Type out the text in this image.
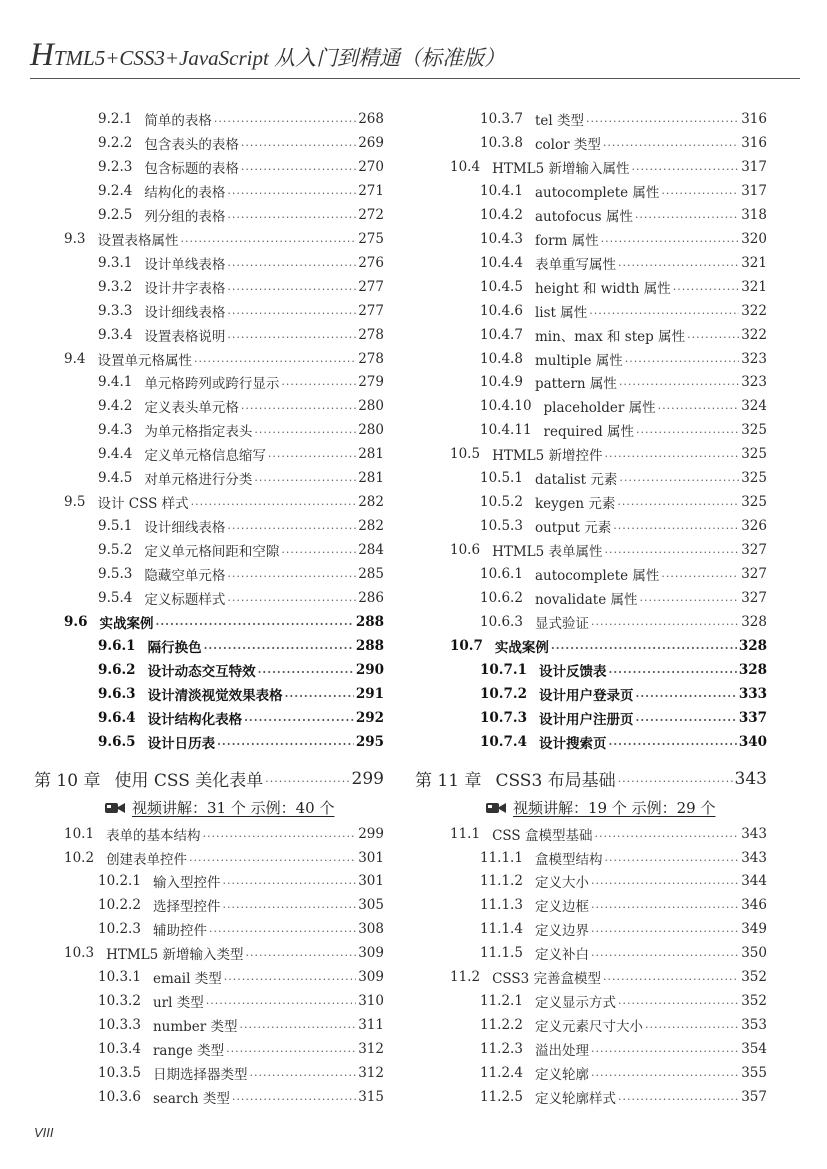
HTML5+CSS3+JavaScript 从入门到精通（标准版）
9.2.1 简单的表格 .....	268
9.2.2 包含表头的表格 .....	269
9.2.3 包含标题的表格 .....	270
9.2.4 结构化的表格 .....	271
9.2.5 列分组的表格 .....	272
9.3 设置表格属性 .....	275
9.3.1 设计单线表格 .....	276
9.3.2 设计井字表格 .....	277
9.3.3 设计细线表格 .....	277
9.3.4 设置表格说明 .....	278
9.4 设置单元格属性 .....	278
9.4.1 单元格跨列或跨行显示 .....	279
9.4.2 定义表头单元格 .....	280
9.4.3 为单元格指定表头 .....	280
9.4.4 定义单元格信息缩写 .....	281
9.4.5 对单元格进行分类 .....	281
9.5 设计 CSS 样式 .....	282
9.5.1 设计细线表格 .....	282
9.5.2 定义单元格间距和空隙 .....	284
9.5.3 隐藏空单元格 .....	285
9.5.4 定义标题样式 .....	286
9.6 实战案例 .....	288
9.6.1 隔行换色 .....	288
9.6.2 设计动态交互特效 .....	290
9.6.3 设计清淡视觉效果表格 .....	291
9.6.4 设计结构化表格 .....	292
9.6.5 设计日历表 .....	295
第 10 章 使用 CSS 美化表单 .....	299
视频讲解：31 个 示例：40 个
10.1 表单的基本结构 .....	299
10.2 创建表单控件 .....	301
10.2.1 输入型控件 .....	301
10.2.2 选择型控件 .....	305
10.2.3 辅助控件 .....	308
10.3 HTML5 新增输入类型 .....	309
10.3.1 email 类型 .....	309
10.3.2 url 类型 .....	310
10.3.3 number 类型 .....	311
10.3.4 range 类型 .....	312
10.3.5 日期选择器类型 .....	312
10.3.6 search 类型 .....	315
10.3.7 tel 类型 .....	316
10.3.8 color 类型 .....	316
10.4 HTML5 新增输入属性 .....	317
10.4.1 autocomplete 属性 .....	317
10.4.2 autofocus 属性 .....	318
10.4.3 form 属性 .....	320
10.4.4 表单重写属性 .....	321
10.4.5 height 和 width 属性 .....	321
10.4.6 list 属性 .....	322
10.4.7 min、max 和 step 属性 .....	322
10.4.8 multiple 属性 .....	323
10.4.9 pattern 属性 .....	323
10.4.10 placeholder 属性 .....	324
10.4.11 required 属性 .....	325
10.5 HTML5 新增控件 .....	325
10.5.1 datalist 元素 .....	325
10.5.2 keygen 元素 .....	325
10.5.3 output 元素 .....	326
10.6 HTML5 表单属性 .....	327
10.6.1 autocomplete 属性 .....	327
10.6.2 novalidate 属性 .....	327
10.6.3 显式验证 .....	328
10.7 实战案例 .....	328
10.7.1 设计反馈表 .....	328
10.7.2 设计用户登录页 .....	333
10.7.3 设计用户注册页 .....	337
10.7.4 设计搜索页 .....	340
第 11 章 CSS3 布局基础 .....	343
视频讲解：19 个 示例：29 个
11.1 CSS 盒模型基础 .....	343
11.1.1 盒模型结构 .....	343
11.1.2 定义大小 .....	344
11.1.3 定义边框 .....	346
11.1.4 定义边界 .....	349
11.1.5 定义补白 .....	350
11.2 CSS3 完善盒模型 .....	352
11.2.1 定义显示方式 .....	352
11.2.2 定义元素尺寸大小 .....	353
11.2.3 溢出处理 .....	354
11.2.4 定义轮廓 .....	355
11.2.5 定义轮廓样式 .....	357
VIII
